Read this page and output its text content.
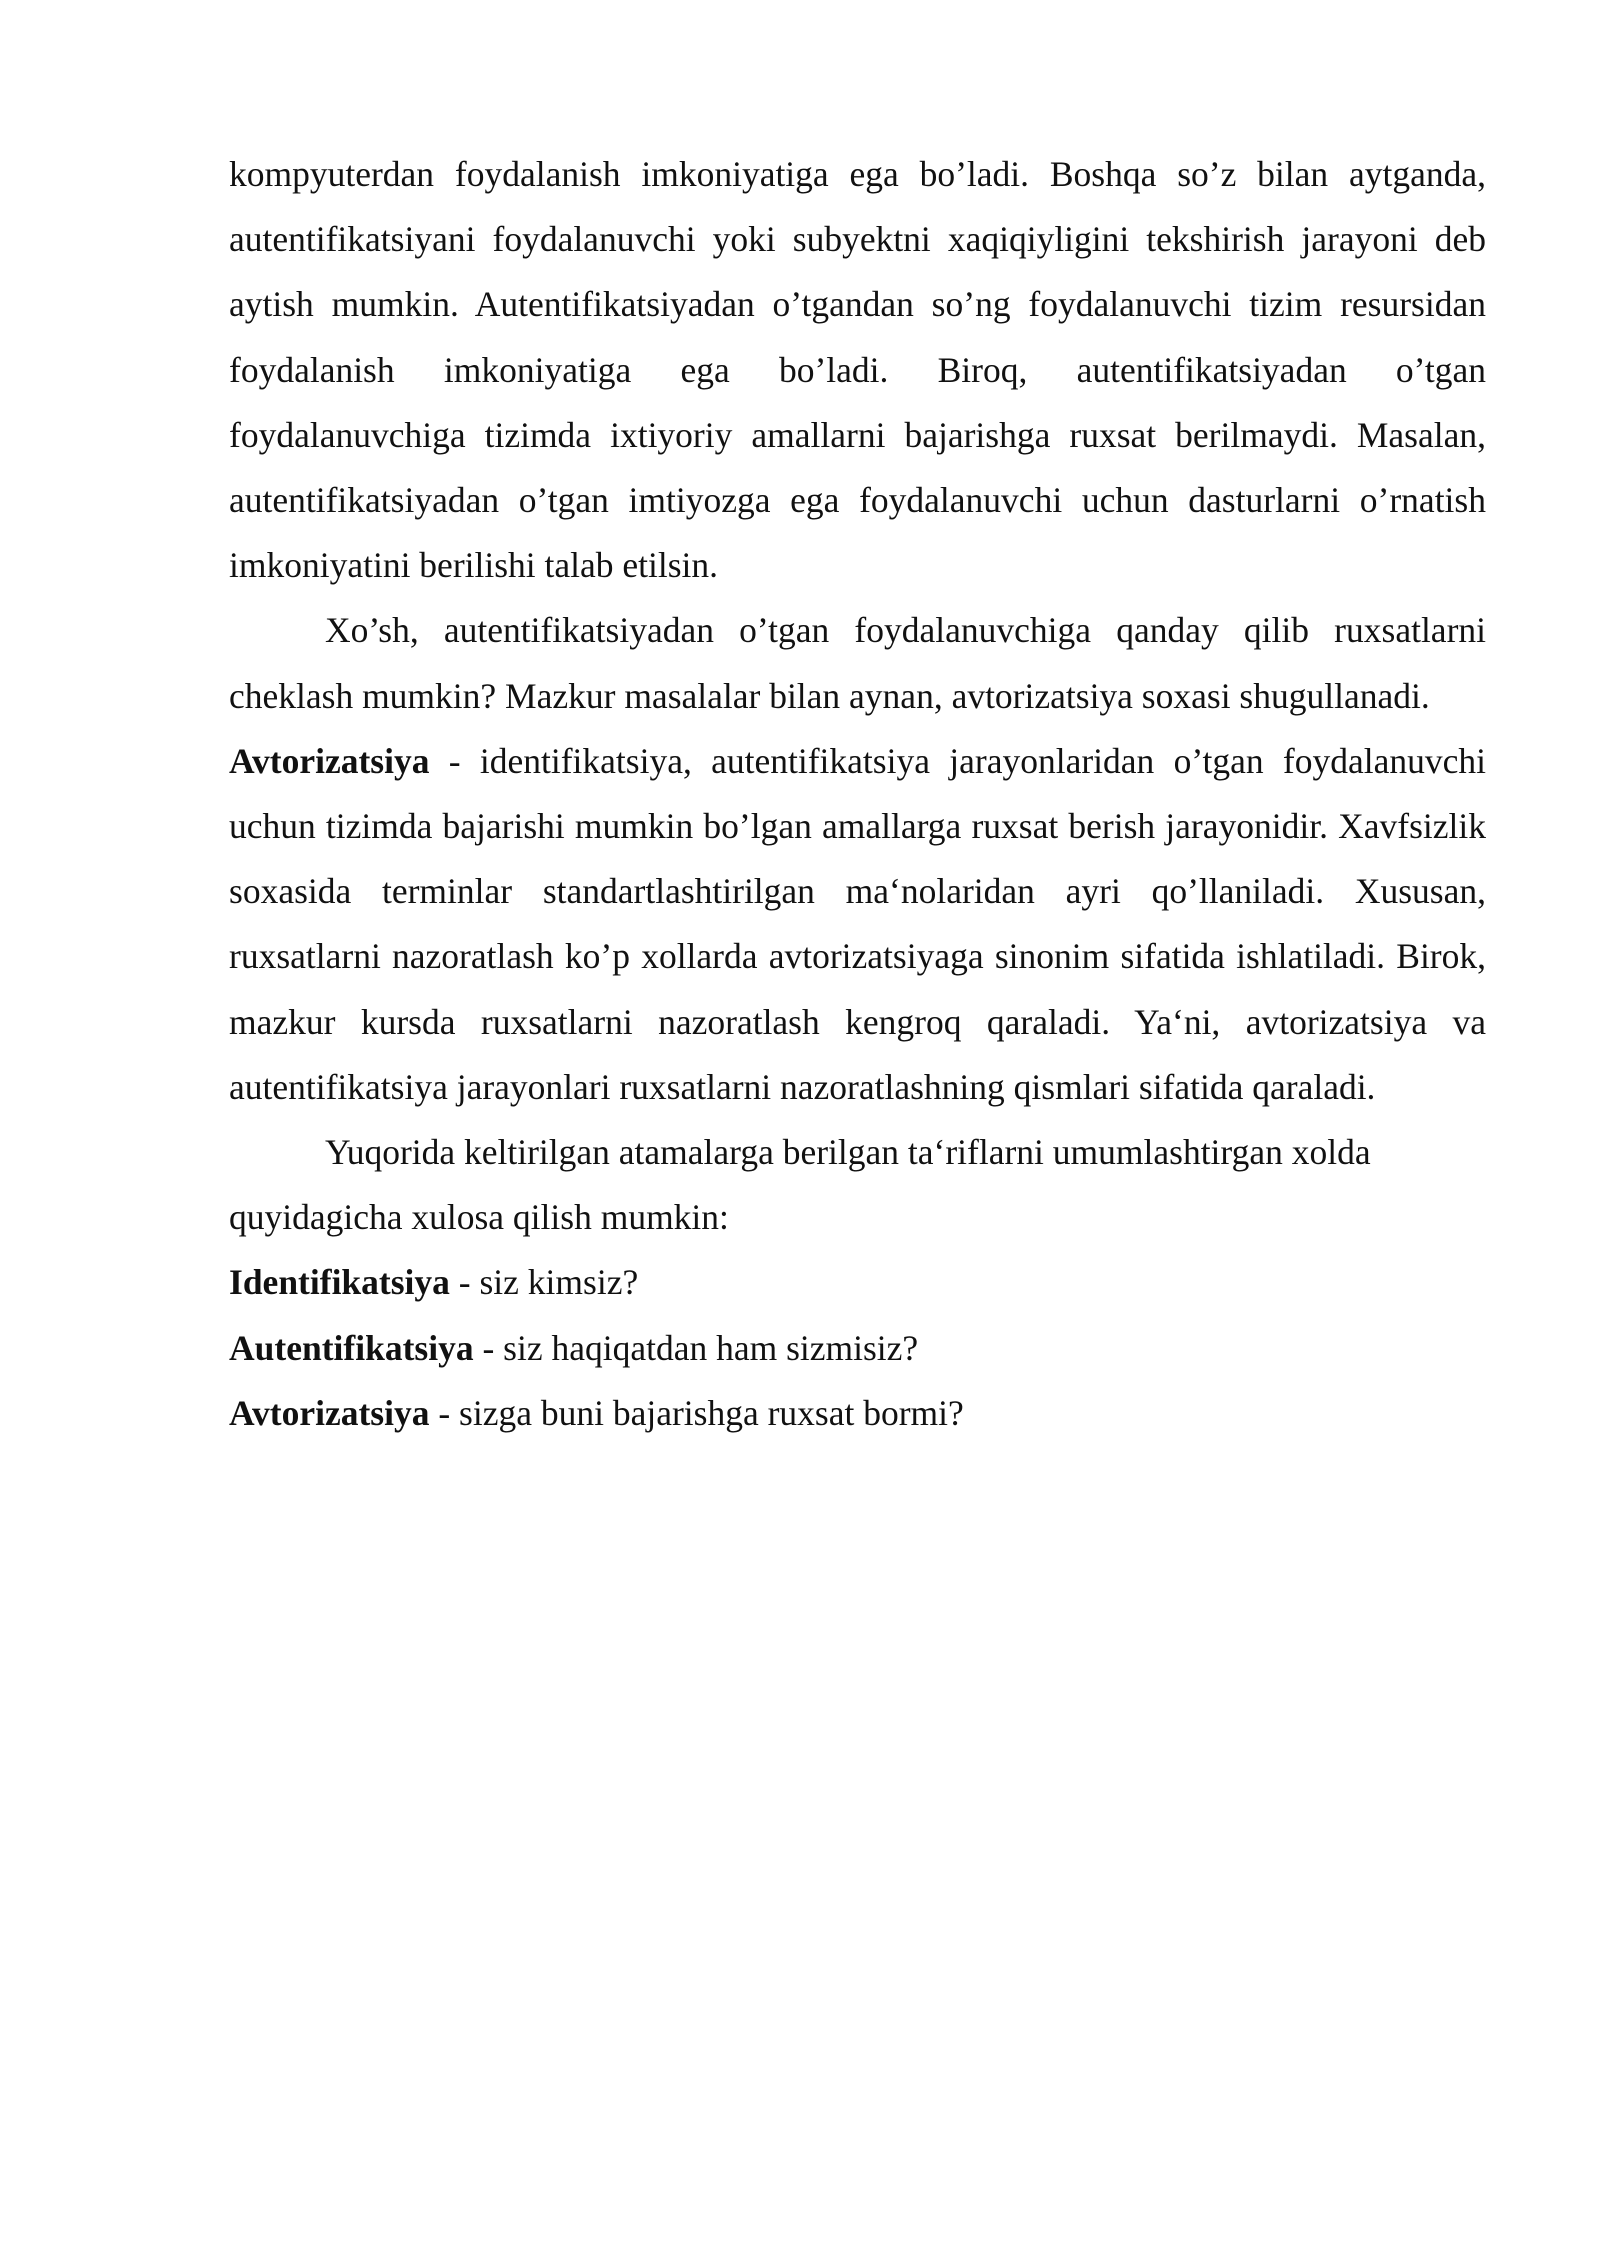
kompyuterdan foydalanish imkoniyatiga ega bo’ladi. Boshqa so’z bilan aytganda, autentifikatsiyani foydalanuvchi yoki subyektni xaqiqiyligini tekshirish jarayoni deb aytish mumkin. Autentifikatsiyadan o’tgandan so’ng foydalanuvchi tizim resursidan foydalanish imkoniyatiga ega bo’ladi. Biroq, autentifikatsiyadan o’tgan foydalanuvchiga tizimda ixtiyoriy amallarni bajarishga ruxsat berilmaydi. Masalan, autentifikatsiyadan o’tgan imtiyozga ega foydalanuvchi uchun dasturlarni o’rnatish imkoniyatini berilishi talab etilsin.

Xo’sh, autentifikatsiyadan o’tgan foydalanuvchiga qanday qilib ruxsatlarni cheklash mumkin? Mazkur masalalar bilan aynan, avtorizatsiya soxasi shugullanadi.

Avtorizatsiya - identifikatsiya, autentifikatsiya jarayonlaridan o’tgan foydalanuvchi uchun tizimda bajarishi mumkin bo’lgan amallarga ruxsat berish jarayonidir. Xavfsizlik soxasida terminlar standartlashtirilgan ma‘nolaridan ayri qo’llaniladi. Xususan, ruxsatlarni nazoratlash ko’p xollarda avtorizatsiyaga sinonim sifatida ishlatiladi. Birok, mazkur kursda ruxsatlarni nazoratlash kengroq qaraladi. Ya‘ni, avtorizatsiya va autentifikatsiya jarayonlari ruxsatlarni nazoratlashning qismlari sifatida qaraladi.

Yuqorida keltirilgan atamalarga berilgan ta‘riflarni umumlashtirgan xolda quyidagicha xulosa qilish mumkin:

Identifikatsiya - siz kimsiz?

Autentifikatsiya - siz haqiqatdan ham sizmisiz?

Avtorizatsiya - sizga buni bajarishga ruxsat bormi?
